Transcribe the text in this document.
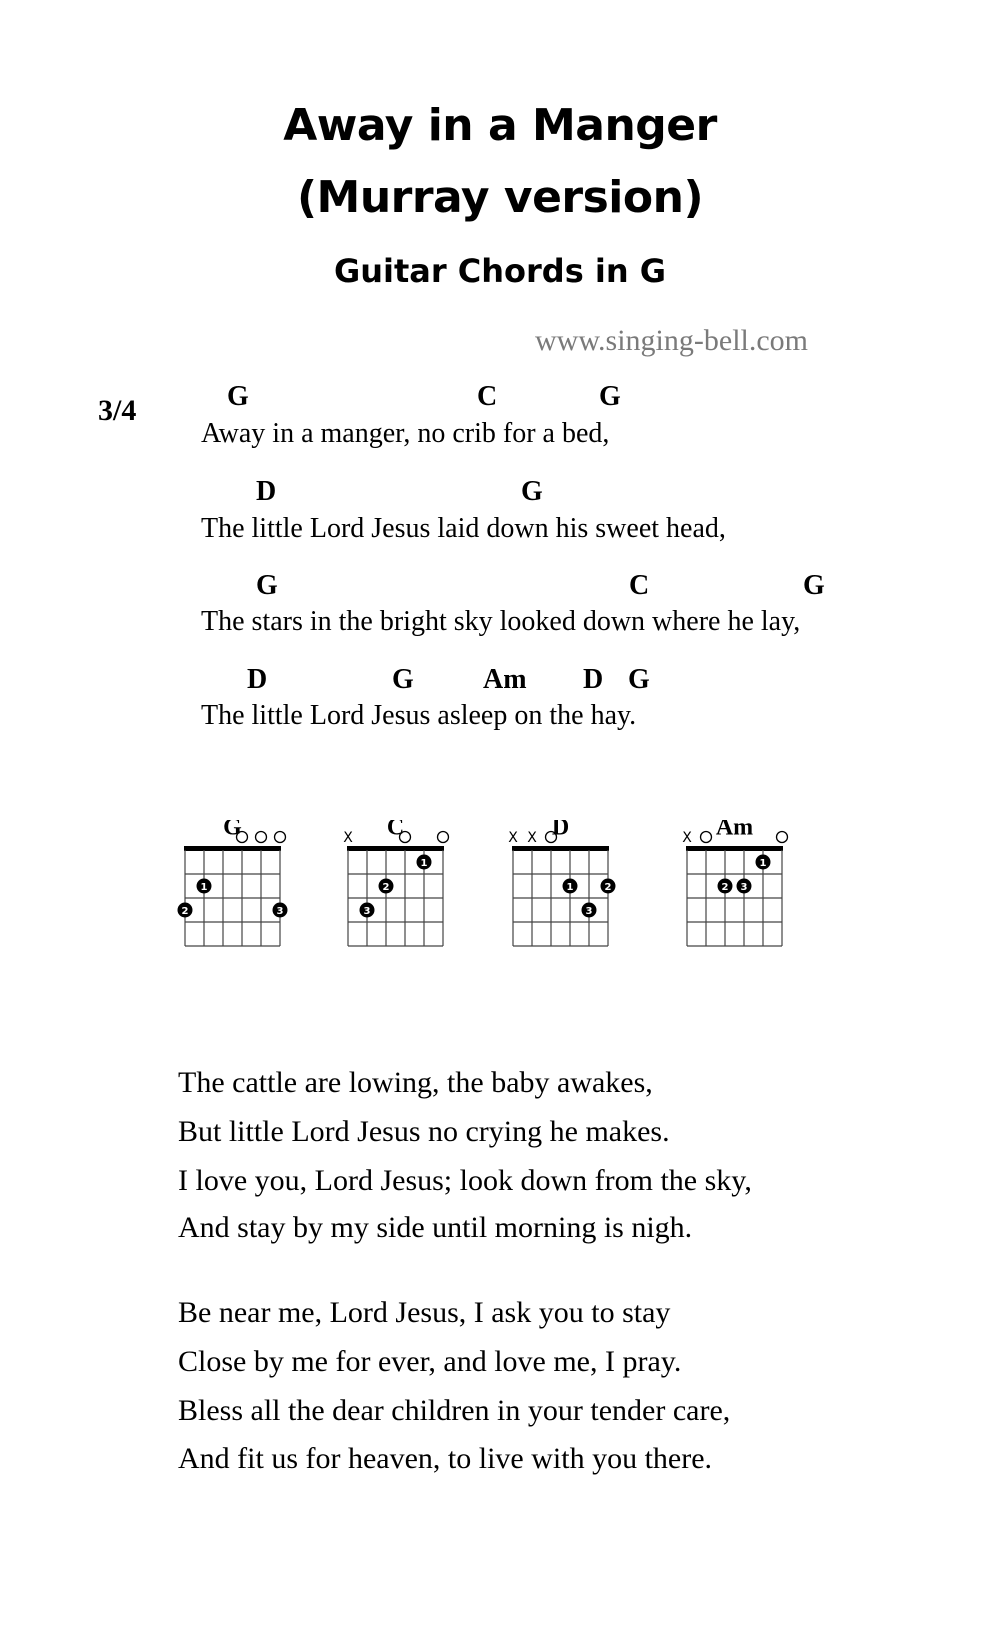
Away in a Manger
(Murray version)
Guitar Chords in G
www.singing-bell.com
3/4	G	C	G
Away in a manger, no crib for a bed,
D	G
The little Lord Jesus laid down his sweet head,
G	C	G
The stars in the bright sky looked down where he lay,
D	G Am D G
The little Lord Jesus asleep on the hay.
G
2
1
3
C
X
3
2
1
D
X X
1
3
2
Am
X
2 3
1
The cattle are lowing, the baby awakes,
But little Lord Jesus no crying he makes.
I love you, Lord Jesus; look down from the sky,
And stay by my side until morning is nigh.
Be near me, Lord Jesus, I ask you to stay
Close by me for ever, and love me, I pray.
Bless all the dear children in your tender care,
And fit us for heaven, to live with you there.
